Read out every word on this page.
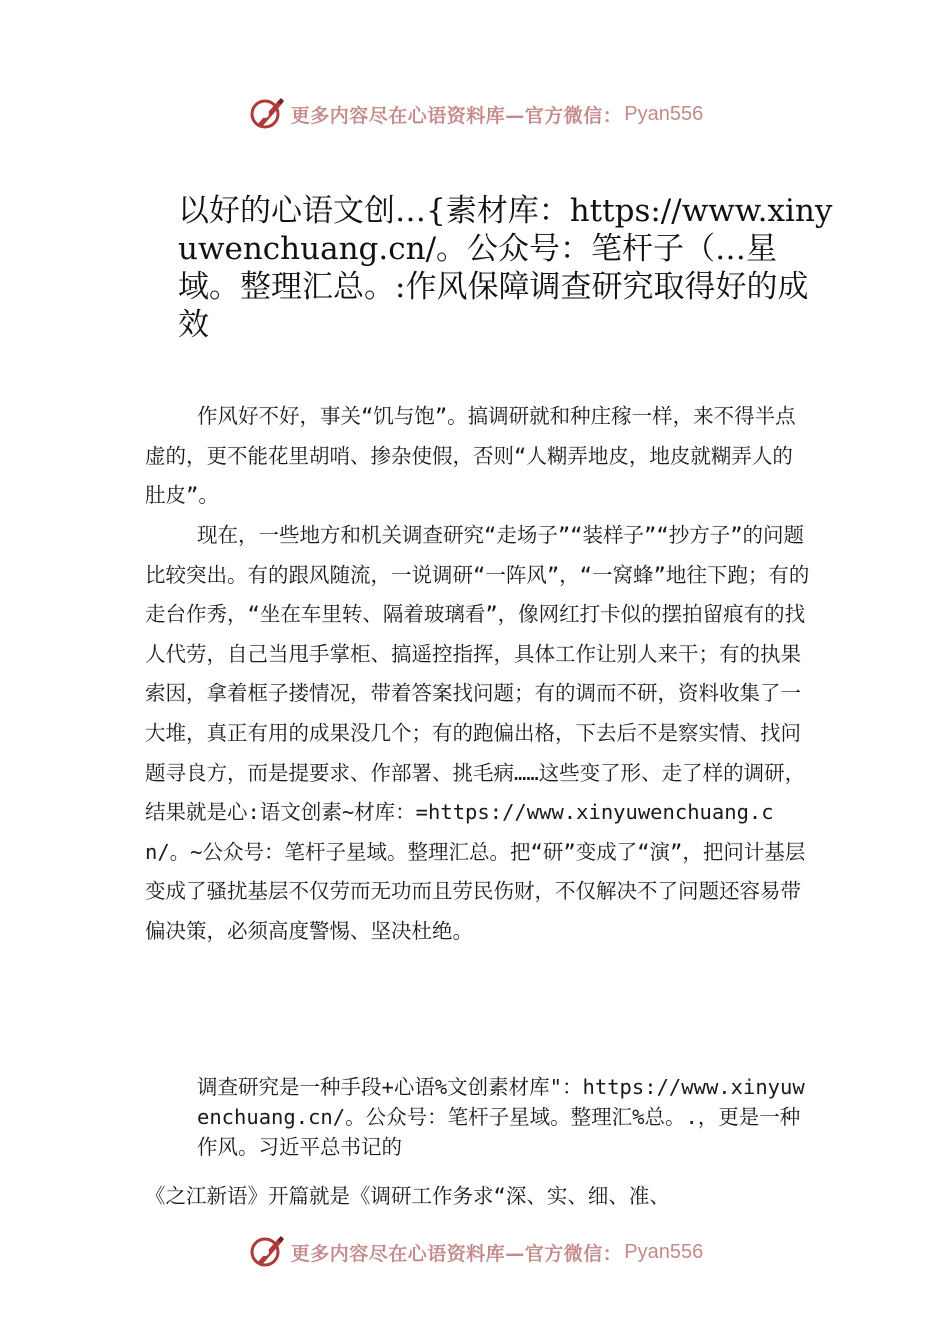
更多内容尽在心语资料库—官方微信： Pyan556
以好的心语文创…{素材库：https://www.xinyuwenchuang.cn/。公众号：笔杆子（…星域。整理汇总。:作风保障调查研究取得好的成效

作风好不好，事关“饥与饱”。搞调研就和种庄稼一样，来不得半点虚的，更不能花里胡哨、掺杂使假，否则“人糊弄地皮，地皮就糊弄人的肚皮”。

现在，一些地方和机关调查研究“走场子”“装样子”“抄方子”的问题比较突出。有的跟风随流，一说调研“一阵风”，“一窝蜂”地往下跑；有的走台作秀，“坐在车里转、隔着玻璃看”，像网红打卡似的摆拍留痕有的找人代劳，自己当甩手掌柜、搞遥控指挥，具体工作让别人来干；有的执果索因，拿着框子搂情况，带着答案找问题；有的调而不研，资料收集了一大堆，真正有用的成果没几个；有的跑偏出格，下去后不是察实情、找问题寻良方，而是提要求、作部署、挑毛病……这些变了形、走了样的调研，结果就是心:语文创素~材库：=https://www.xinyuwenchuang.cn/。~公众号：笔杆子星域。整理汇总。把“研”变成了“演”，把问计基层变成了骚扰基层不仅劳而无功而且劳民伤财，不仅解决不了问题还容易带偏决策，必须高度警惕、坚决杜绝。

调查研究是一种手段+心语%文创素材库"：https://www.xinyuwenchuang.cn/。公众号：笔杆子星域。整理汇%总。.，更是一种作风。习近平总书记的

《之江新语》开篇就是《调研工作务求“深、实、细、准、

更多内容尽在心语资料库—官方微信： Pyan556
